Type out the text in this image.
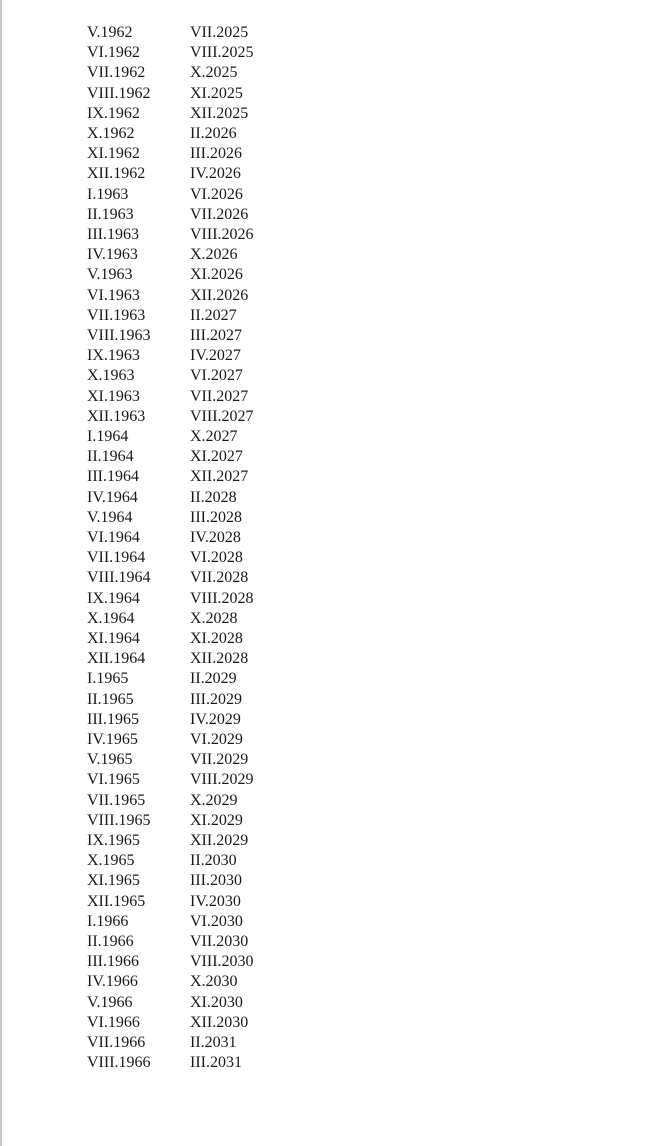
V.1962	VII.2025
VI.1962	VIII.2025
VII.1962	X.2025
VIII.1962 XI.2025
IX.1962	XII.2025
X.1962	II.2026
XI.1962	III.2026
XII.1962	IV.2026
I.1963	VI.2026
II.1963	VII.2026
III.1963	VIII.2026
IV.1963	X.2026
V.1963	XI.2026
VI.1963	XII.2026
VII.1963	II.2027
VIII.1963 III.2027
IX.1963	IV.2027
X.1963	VI.2027
XI.1963	VII.2027
XII.1963	VIII.2027
I.1964	X.2027
II.1964	XI.2027
III.1964	XII.2027
IV.1964	II.2028
V.1964	III.2028
VI.1964	IV.2028
VII.1964	VI.2028
VIII.1964 VII.2028
IX.1964	VIII.2028
X.1964	X.2028
XI.1964	XI.2028
XII.1964	XII.2028
I.1965	II.2029
II.1965	III.2029
III.1965	IV.2029
IV.1965	VI.2029
V.1965	VII.2029
VI.1965	VIII.2029
VII.1965	X.2029
VIII.1965 XI.2029
IX.1965	XII.2029
X.1965	II.2030
XI.1965	III.2030
XII.1965	IV.2030
I.1966	VI.2030
II.1966	VII.2030
III.1966	VIII.2030
IV.1966	X.2030
V.1966	XI.2030
VI.1966	XII.2030
VII.1966	II.2031
VIII.1966 III.2031
